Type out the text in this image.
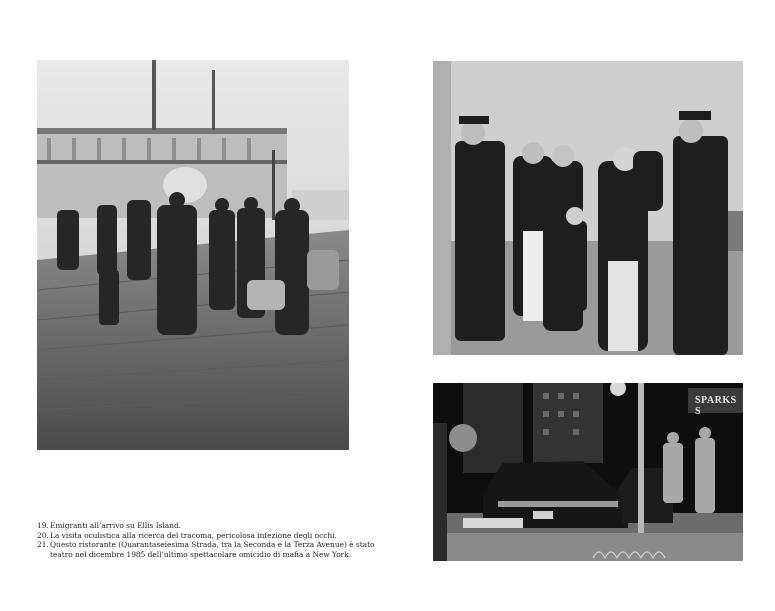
SPARKS S
19. Emigranti all’arrivo su Ellis Island.
20. La visita oculistica alla ricerca del tracoma, pericolosa infezione degli occhi.
21. Questo ristorante (Quarantaseiesima Strada, tra la Seconda e la Terza Avenue) è stato teatro nel dicembre 1985 dell’ultimo spettacolare omicidio di mafia a New York.
